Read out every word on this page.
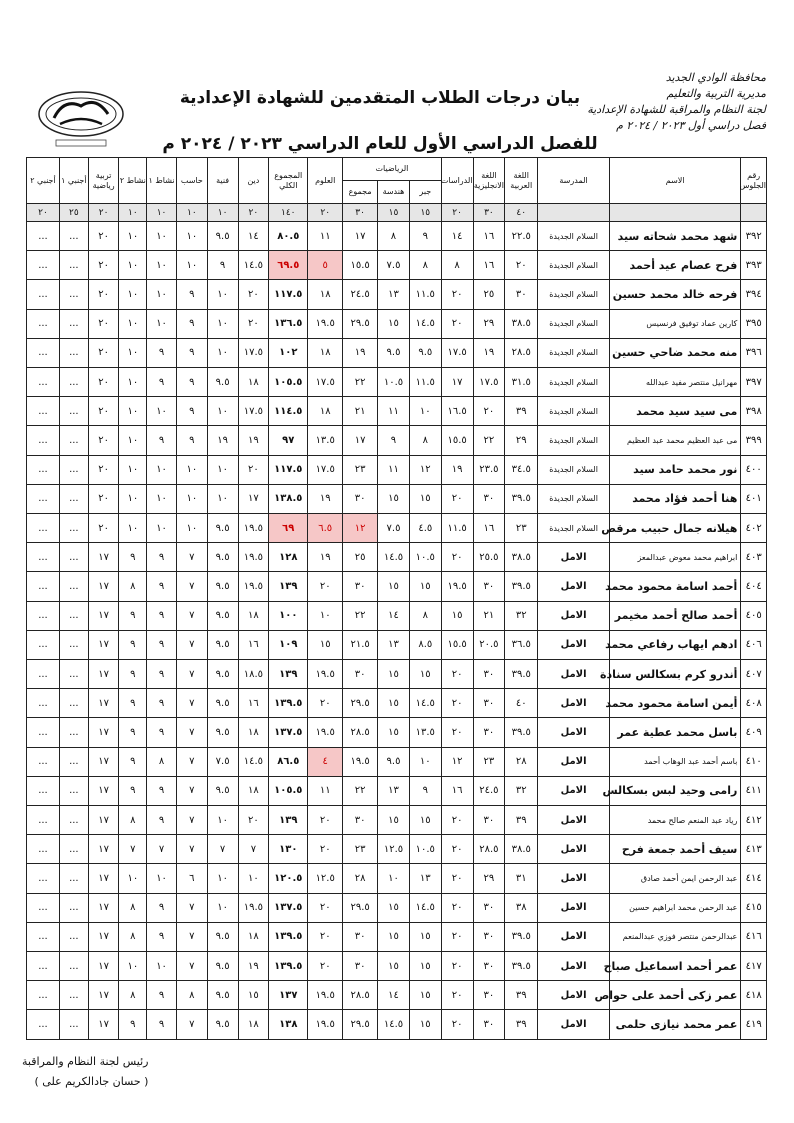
بيان درجات الطلاب المتقدمين للشهادة الإعدادية
للفصل الدراسي الأول للعام الدراسي ٢٠٢٣ / ٢٠٢٤ م
محافظة الوادي الجديد
مديرية التربية والتعليم
لجنة النظام والمراقبة للشهادة الإعدادية
فصل دراسي أول ٢٠٢٣ / ٢٠٢٤ م
رقم الجلوس	الاسم	المدرسة	اللغة العربية	اللغة الانجليزية	الدراسات	الرياضيات			العلوم	المجموع الكلي	دين	فنية	حاسب	نشاط ١	نشاط ٢	تربية رياضية	أجنبي ١	أجنبي ٢
						جبر	هندسة	مجموع										
			٤٠	٣٠	٢٠	١٥	١٥	٣٠	٢٠	١٤٠	٢٠	١٠	١٠	١٠	١٠	٢٠	٢٥	٢٠
٣٩٢	شهد محمد شحاته سيد	السلام الجديدة	٢٢.٥	١٦	١٤	٩	٨	١٧	١١	٨٠.٥	١٤	٩.٥	١٠	١٠	١٠	٢٠	...	...
٣٩٣	فرح عصام عيد أحمد	السلام الجديدة	٢٠	١٦	٨	٨	٧.٥	١٥.٥	٥	٦٩.٥	١٤.٥	٩	١٠	١٠	١٠	٢٠	...	...
٣٩٤	فرحه خالد محمد حسين	السلام الجديدة	٣٠	٢٥	٢٠	١١.٥	١٣	٢٤.٥	١٨	١١٧.٥	٢٠	١٠	٩	١٠	١٠	٢٠	...	...
٣٩٥	كارين عماد توفيق فرنسيس	السلام الجديدة	٣٨.٥	٢٩	٢٠	١٤.٥	١٥	٢٩.٥	١٩.٥	١٣٦.٥	٢٠	١٠	٩	١٠	١٠	٢٠	...	...
٣٩٦	منه محمد ضاحي حسين	السلام الجديدة	٢٨.٥	١٩	١٧.٥	٩.٥	٩.٥	١٩	١٨	١٠٢	١٧.٥	١٠	٩	٩	١٠	٢٠	...	...
٣٩٧	مهرانيل منتصر مفيد عبدالله	السلام الجديدة	٣١.٥	١٧.٥	١٧	١١.٥	١٠.٥	٢٢	١٧.٥	١٠٥.٥	١٨	٩.٥	٩	٩	١٠	٢٠	...	...
٣٩٨	مى سيد سيد محمد	السلام الجديدة	٣٩	٢٠	١٦.٥	١٠	١١	٢١	١٨	١١٤.٥	١٧.٥	١٠	٩	١٠	١٠	٢٠	...	...
٣٩٩	مى عبد العظيم محمد عبد العظيم	السلام الجديدة	٢٩	٢٢	١٥.٥	٨	٩	١٧	١٣.٥	٩٧	١٩	١٩	٩	٩	١٠	٢٠	...	...
٤٠٠	نور محمد حامد سيد	السلام الجديدة	٣٤.٥	٢٣.٥	١٩	١٢	١١	٢٣	١٧.٥	١١٧.٥	٢٠	١٠	١٠	١٠	١٠	٢٠	...	...
٤٠١	هنا أحمد فؤاد محمد	السلام الجديدة	٣٩.٥	٣٠	٢٠	١٥	١٥	٣٠	١٩	١٣٨.٥	١٧	١٠	١٠	١٠	١٠	٢٠	...	...
٤٠٢	هيلانه جمال حبيب مرقص	السلام الجديدة	٢٣	١٦	١١.٥	٤.٥	٧.٥	١٢	٦.٥	٦٩	١٩.٥	٩.٥	١٠	١٠	١٠	٢٠	...	...
٤٠٣	ابراهيم محمد معوض عبدالمعز	الامل	٣٨.٥	٢٥.٥	٢٠	١٠.٥	١٤.٥	٢٥	١٩	١٢٨	١٩.٥	٩.٥	٧	٩	٩	١٧	...	...
٤٠٤	أحمد اسامة محمود محمد	الامل	٣٩.٥	٣٠	١٩.٥	١٥	١٥	٣٠	٢٠	١٣٩	١٩.٥	٩.٥	٧	٩	٨	١٧	...	...
٤٠٥	أحمد صالح أحمد مخيمر	الامل	٣٢	٢١	١٥	٨	١٤	٢٢	١٠	١٠٠	١٨	٩.٥	٧	٩	٩	١٧	...	...
٤٠٦	ادهم ايهاب رفاعي محمد	الامل	٣٦.٥	٢٠.٥	١٥.٥	٨.٥	١٣	٢١.٥	١٥	١٠٩	١٦	٩.٥	٧	٩	٩	١٧	...	...
٤٠٧	أندرو كرم بسكالس سنادة	الامل	٣٩.٥	٣٠	٢٠	١٥	١٥	٣٠	١٩.٥	١٣٩	١٨.٥	٩.٥	٧	٩	٩	١٧	...	...
٤٠٨	أيمن اسامة محمود محمد	الامل	٤٠	٣٠	٢٠	١٤.٥	١٥	٢٩.٥	٢٠	١٣٩.٥	١٦	٩.٥	٧	٩	٩	١٧	...	...
٤٠٩	باسل محمد عطية عمر	الامل	٣٩.٥	٣٠	٢٠	١٣.٥	١٥	٢٨.٥	١٩.٥	١٣٧.٥	١٨	٩.٥	٧	٩	٩	١٧	...	...
٤١٠	باسم أحمد عبد الوهاب أحمد	الامل	٢٨	٢٣	١٢	١٠	٩.٥	١٩.٥	٤	٨٦.٥	١٤.٥	٧.٥	٧	٨	٩	١٧	...	...
٤١١	رامى وحيد لبس بسكالس	الامل	٣٢	٢٤.٥	١٦	٩	١٣	٢٢	١١	١٠٥.٥	١٨	٩.٥	٧	٩	٩	١٧	...	...
٤١٢	رياد عبد المنعم صالح محمد	الامل	٣٩	٣٠	٢٠	١٥	١٥	٣٠	٢٠	١٣٩	٢٠	١٠	٧	٩	٨	١٧	...	...
٤١٣	سيف أحمد جمعة فرح	الامل	٣٨.٥	٢٨.٥	٢٠	١٠.٥	١٢.٥	٢٣	٢٠	١٣٠	٧	٧	٧	٧	٧	١٧	...	...
٤١٤	عبد الرحمن ايمن أحمد صادق	الامل	٣١	٢٩	٢٠	١٣	١٠	٢٨	١٢.٥	١٢٠.٥	١٠	١٠	٦	١٠	١٠	١٧	...	...
٤١٥	عبد الرحمن محمد ابراهيم حسين	الامل	٣٨	٣٠	٢٠	١٤.٥	١٥	٢٩.٥	٢٠	١٣٧.٥	١٩.٥	١٠	٧	٩	٨	١٧	...	...
٤١٦	عبدالرحمن منتصر فوزي عبدالمنعم	الامل	٣٩.٥	٣٠	٢٠	١٥	١٥	٣٠	٢٠	١٣٩.٥	١٨	٩.٥	٧	٩	٨	١٧	...	...
٤١٧	عمر أحمد اسماعيل صباح	الامل	٣٩.٥	٣٠	٢٠	١٥	١٥	٣٠	٢٠	١٣٩.٥	١٩	٩.٥	٧	١٠	١٠	١٧	...	...
٤١٨	عمر زكى أحمد على حواص	الامل	٣٩	٣٠	٢٠	١٥	١٤	٢٨.٥	١٩.٥	١٣٧	١٥	٩.٥	٨	٩	٨	١٧	...	...
٤١٩	عمر محمد نيازى حلمى	الامل	٣٩	٣٠	٢٠	١٥	١٤.٥	٢٩.٥	١٩.٥	١٣٨	١٨	٩.٥	٧	٩	٩	١٧	...	...
رئيس لجنة النظام والمراقبة
( حسان جادالكريم على )
